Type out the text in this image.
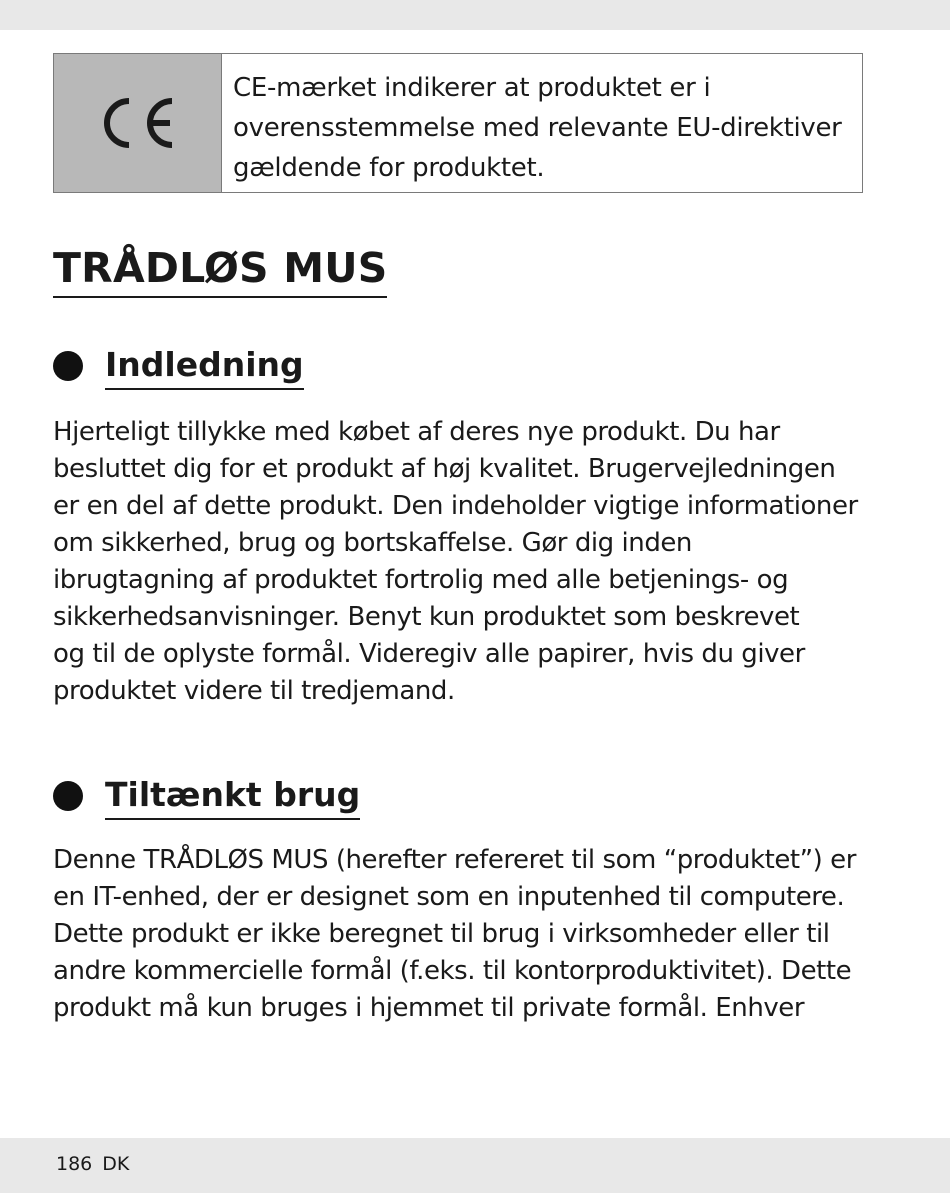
CE-mærket indikerer at produktet er i
overensstemmelse med relevante EU-direktiver
gældende for produktet.
TRÅDLØS MUS
Indledning
Hjerteligt tillykke med købet af deres nye produkt. Du har
besluttet dig for et produkt af høj kvalitet. Brugervejledningen
er en del af dette produkt. Den indeholder vigtige informationer
om sikkerhed, brug og bortskaffelse. Gør dig inden
ibrugtagning af produktet fortrolig med alle betjenings- og
sikkerhedsanvisninger. Benyt kun produktet som beskrevet
og til de oplyste formål. Videregiv alle papirer, hvis du giver
produktet videre til tredjemand.
Tiltænkt brug
Denne TRÅDLØS MUS (herefter refereret til som “produktet”) er
en IT-enhed, der er designet som en inputenhed til computere.
Dette produkt er ikke beregnet til brug i virksomheder eller til
andre kommercielle formål (f.eks. til kontorproduktivitet). Dette
produkt må kun bruges i hjemmet til private formål. Enhver
186 DK
